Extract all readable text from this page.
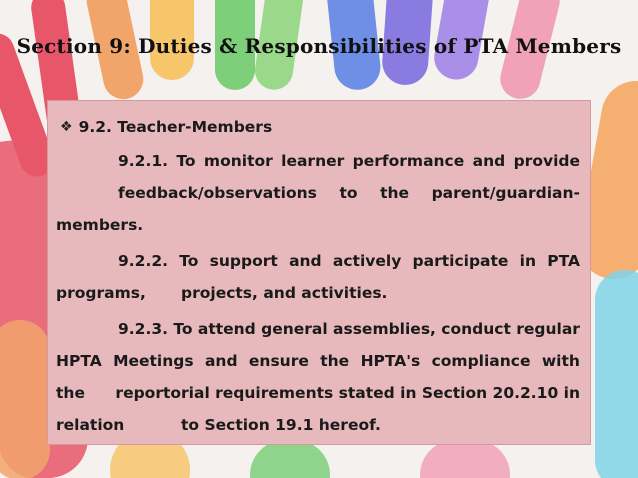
Section 9: Duties & Responsibilities of PTA Members
❖ 9.2. Teacher-Members
9.2.1. To monitor learner performance and provide
feedback/observations to the parent/guardian-
members.
9.2.2. To support and actively participate in PTA
programs,	projects, and activities.
9.2.3. To attend general assemblies, conduct regular
HPTA Meetings and ensure the HPTA's compliance with
the reportorial requirements stated in Section 20.2.10 in
relation	to Section 19.1 hereof.
